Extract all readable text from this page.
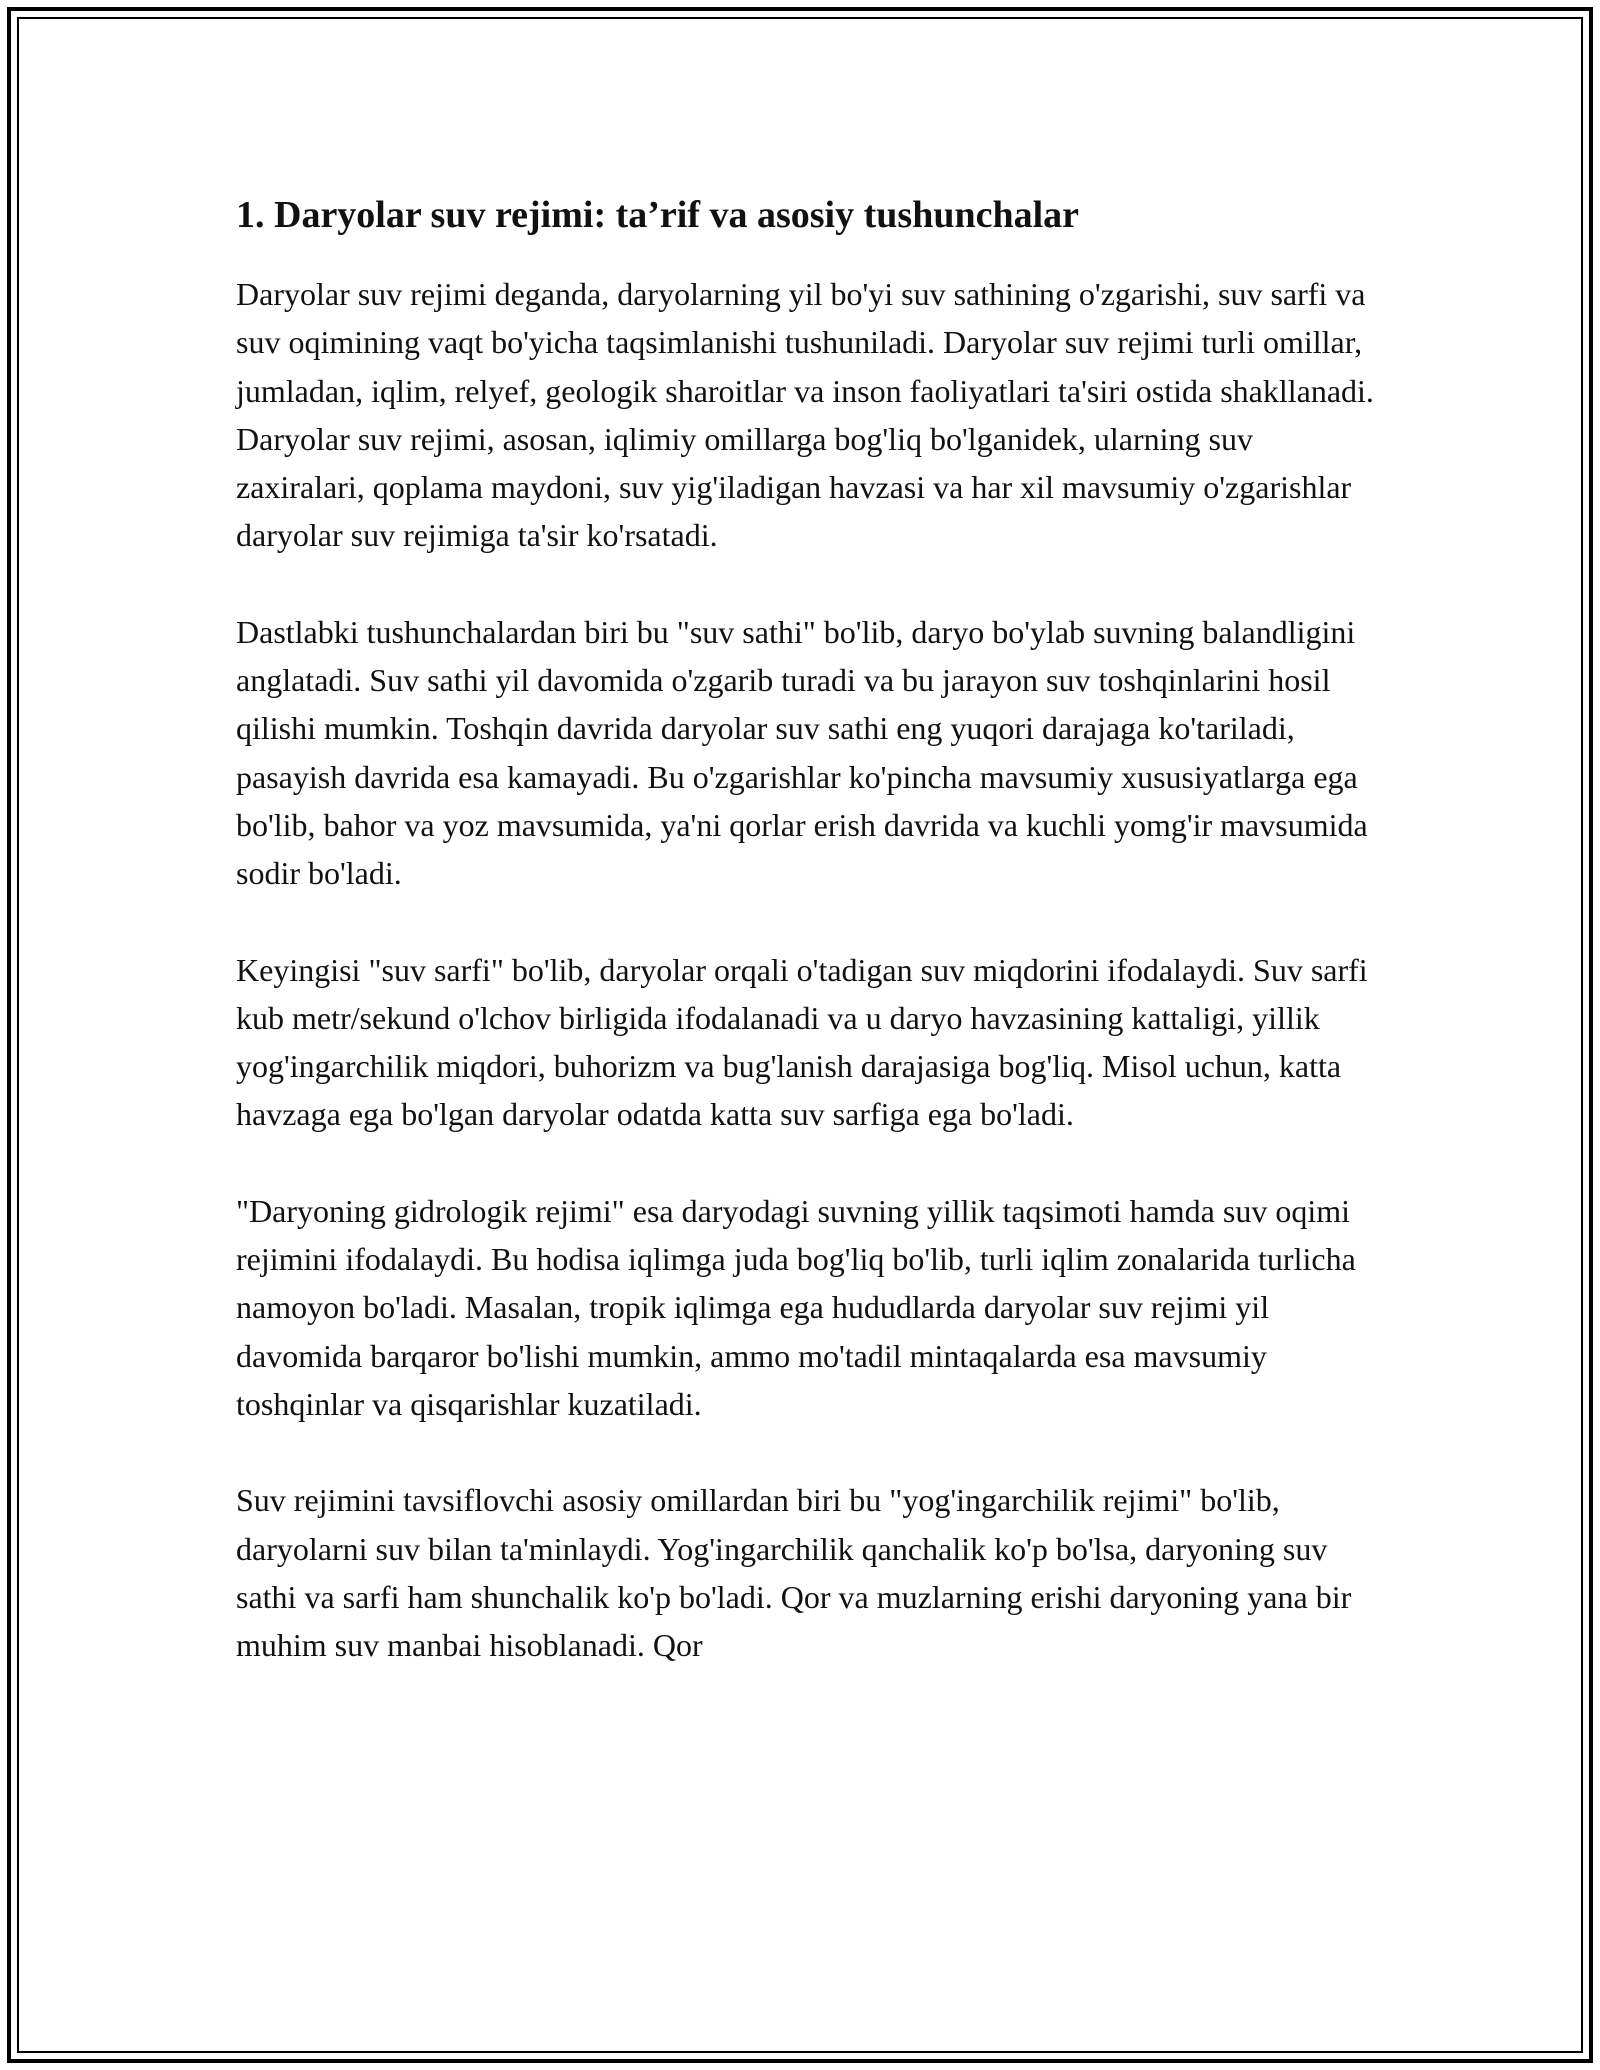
1. Daryolar suv rejimi: ta’rif va asosiy tushunchalar

Daryolar suv rejimi deganda, daryolarning yil bo'yi suv sathining o'zgarishi, suv sarfi va suv oqimining vaqt bo'yicha taqsimlanishi tushuniladi. Daryolar suv rejimi turli omillar, jumladan, iqlim, relyef, geologik sharoitlar va inson faoliyatlari ta'siri ostida shakllanadi. Daryolar suv rejimi, asosan, iqlimiy omillarga bog'liq bo'lganidek, ularning suv zaxiralari, qoplama maydoni, suv yig'iladigan havzasi va har xil mavsumiy o'zgarishlar daryolar suv rejimiga ta'sir ko'rsatadi.

Dastlabki tushunchalardan biri bu "suv sathi" bo'lib, daryo bo'ylab suvning balandligini anglatadi. Suv sathi yil davomida o'zgarib turadi va bu jarayon suv toshqinlarini hosil qilishi mumkin. Toshqin davrida daryolar suv sathi eng yuqori darajaga ko'tariladi, pasayish davrida esa kamayadi. Bu o'zgarishlar ko'pincha mavsumiy xususiyatlarga ega bo'lib, bahor va yoz mavsumida, ya'ni qorlar erish davrida va kuchli yomg'ir mavsumida sodir bo'ladi.

Keyingisi "suv sarfi" bo'lib, daryolar orqali o'tadigan suv miqdorini ifodalaydi. Suv sarfi kub metr/sekund o'lchov birligida ifodalanadi va u daryo havzasining kattaligi, yillik yog'ingarchilik miqdori, buhorizm va bug'lanish darajasiga bog'liq. Misol uchun, katta havzaga ega bo'lgan daryolar odatda katta suv sarfiga ega bo'ladi.

"Daryoning gidrologik rejimi" esa daryodagi suvning yillik taqsimoti hamda suv oqimi rejimini ifodalaydi. Bu hodisa iqlimga juda bog'liq bo'lib, turli iqlim zonalarida turlicha namoyon bo'ladi. Masalan, tropik iqlimga ega hududlarda daryolar suv rejimi yil davomida barqaror bo'lishi mumkin, ammo mo'tadil mintaqalarda esa mavsumiy toshqinlar va qisqarishlar kuzatiladi.

Suv rejimini tavsiflovchi asosiy omillardan biri bu "yog'ingarchilik rejimi" bo'lib, daryolarni suv bilan ta'minlaydi. Yog'ingarchilik qanchalik ko'p bo'lsa, daryoning suv sathi va sarfi ham shunchalik ko'p bo'ladi. Qor va muzlarning erishi daryoning yana bir muhim suv manbai hisoblanadi. Qor
